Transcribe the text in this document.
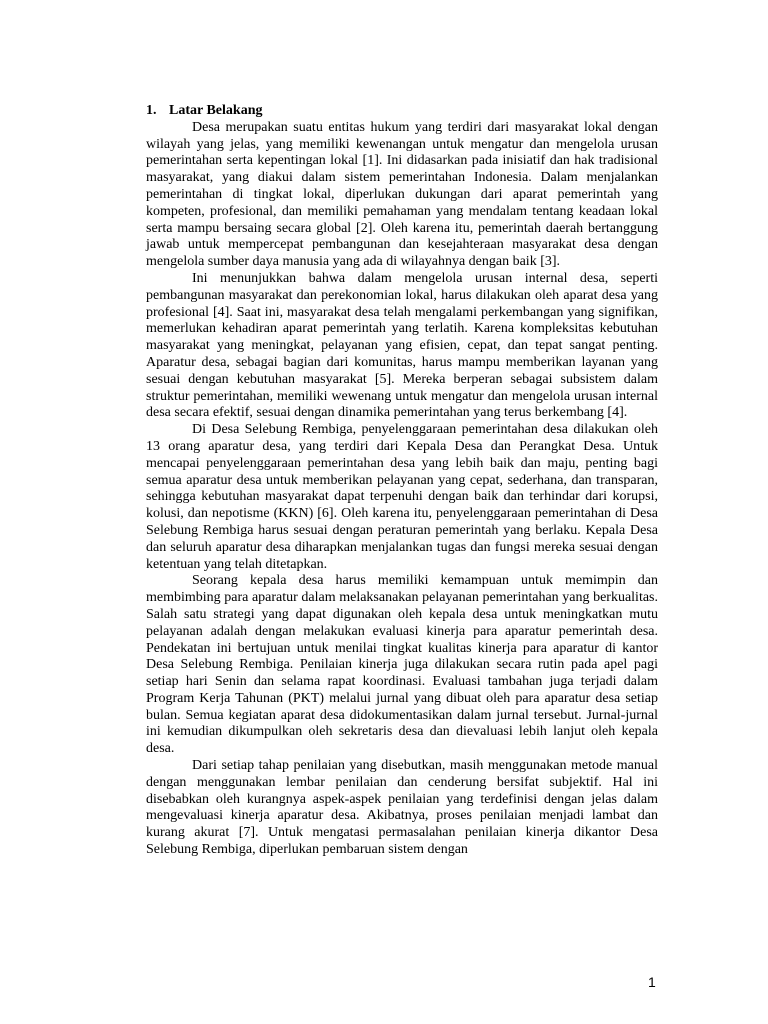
1. Latar Belakang

Desa merupakan suatu entitas hukum yang terdiri dari masyarakat lokal dengan wilayah yang jelas, yang memiliki kewenangan untuk mengatur dan mengelola urusan pemerintahan serta kepentingan lokal [1]. Ini didasarkan pada inisiatif dan hak tradisional masyarakat, yang diakui dalam sistem pemerintahan Indonesia. Dalam menjalankan pemerintahan di tingkat lokal, diperlukan dukungan dari aparat pemerintah yang kompeten, profesional, dan memiliki pemahaman yang mendalam tentang keadaan lokal serta mampu bersaing secara global [2]. Oleh karena itu, pemerintah daerah bertanggung jawab untuk mempercepat pembangunan dan kesejahteraan masyarakat desa dengan mengelola sumber daya manusia yang ada di wilayahnya dengan baik [3].

Ini menunjukkan bahwa dalam mengelola urusan internal desa, seperti pembangunan masyarakat dan perekonomian lokal, harus dilakukan oleh aparat desa yang profesional [4]. Saat ini, masyarakat desa telah mengalami perkembangan yang signifikan, memerlukan kehadiran aparat pemerintah yang terlatih. Karena kompleksitas kebutuhan masyarakat yang meningkat, pelayanan yang efisien, cepat, dan tepat sangat penting. Aparatur desa, sebagai bagian dari komunitas, harus mampu memberikan layanan yang sesuai dengan kebutuhan masyarakat [5]. Mereka berperan sebagai subsistem dalam struktur pemerintahan, memiliki wewenang untuk mengatur dan mengelola urusan internal desa secara efektif, sesuai dengan dinamika pemerintahan yang terus berkembang [4].

Di Desa Selebung Rembiga, penyelenggaraan pemerintahan desa dilakukan oleh 13 orang aparatur desa, yang terdiri dari Kepala Desa dan Perangkat Desa. Untuk mencapai penyelenggaraan pemerintahan desa yang lebih baik dan maju, penting bagi semua aparatur desa untuk memberikan pelayanan yang cepat, sederhana, dan transparan, sehingga kebutuhan masyarakat dapat terpenuhi dengan baik dan terhindar dari korupsi, kolusi, dan nepotisme (KKN) [6]. Oleh karena itu, penyelenggaraan pemerintahan di Desa Selebung Rembiga harus sesuai dengan peraturan pemerintah yang berlaku. Kepala Desa dan seluruh aparatur desa diharapkan menjalankan tugas dan fungsi mereka sesuai dengan ketentuan yang telah ditetapkan.

Seorang kepala desa harus memiliki kemampuan untuk memimpin dan membimbing para aparatur dalam melaksanakan pelayanan pemerintahan yang berkualitas. Salah satu strategi yang dapat digunakan oleh kepala desa untuk meningkatkan mutu pelayanan adalah dengan melakukan evaluasi kinerja para aparatur pemerintah desa. Pendekatan ini bertujuan untuk menilai tingkat kualitas kinerja para aparatur di kantor Desa Selebung Rembiga. Penilaian kinerja juga dilakukan secara rutin pada apel pagi setiap hari Senin dan selama rapat koordinasi. Evaluasi tambahan juga terjadi dalam Program Kerja Tahunan (PKT) melalui jurnal yang dibuat oleh para aparatur desa setiap bulan. Semua kegiatan aparat desa didokumentasikan dalam jurnal tersebut. Jurnal-jurnal ini kemudian dikumpulkan oleh sekretaris desa dan dievaluasi lebih lanjut oleh kepala desa.

Dari setiap tahap penilaian yang disebutkan, masih menggunakan metode manual dengan menggunakan lembar penilaian dan cenderung bersifat subjektif. Hal ini disebabkan oleh kurangnya aspek-aspek penilaian yang terdefinisi dengan jelas dalam mengevaluasi kinerja aparatur desa. Akibatnya, proses penilaian menjadi lambat dan kurang akurat [7]. Untuk mengatasi permasalahan penilaian kinerja dikantor Desa Selebung Rembiga, diperlukan pembaruan sistem dengan

1
